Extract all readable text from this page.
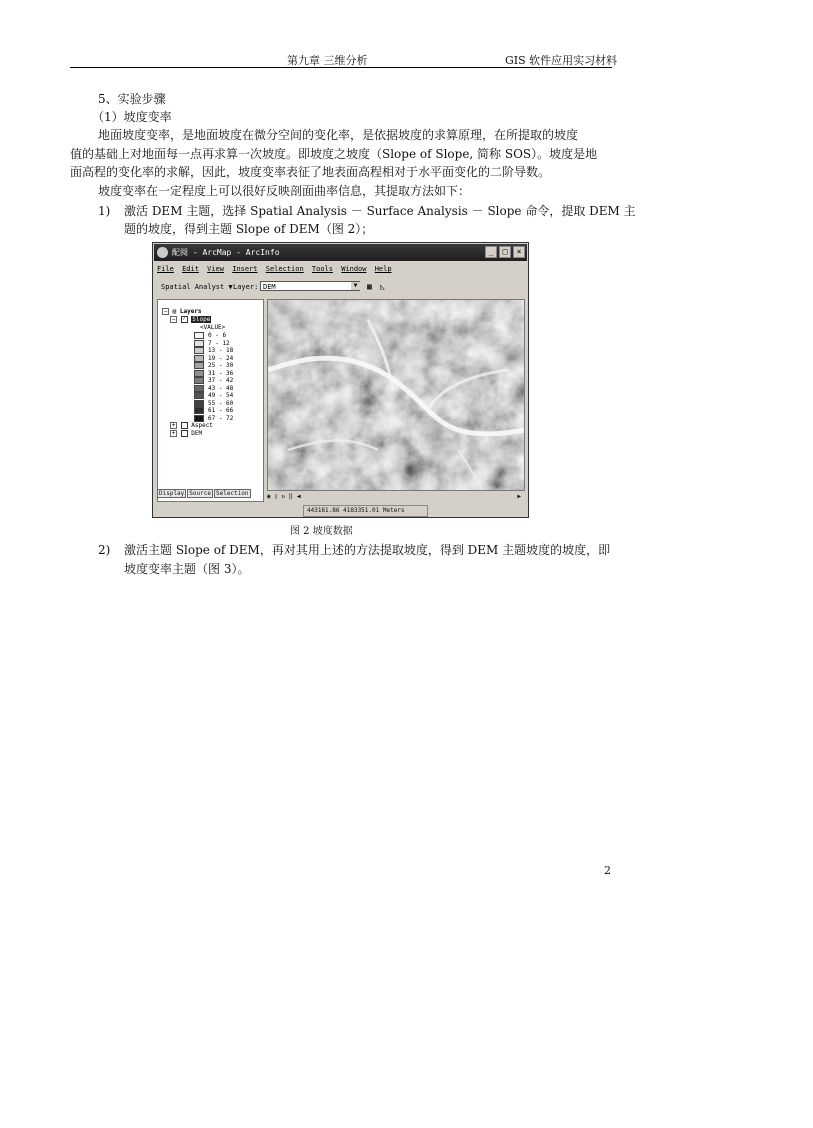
第九章 三维分析	GIS 软件应用实习材料
5、实验步骤
（1）坡度变率
地面坡度变率，是地面坡度在微分空间的变化率，是依据坡度的求算原理，在所提取的坡度
值的基础上对地面每一点再求算一次坡度。即坡度之坡度（Slope of Slope, 简称 SOS）。坡度是地
面高程的变化率的求解，因此，坡度变率表征了地表面高程相对于水平面变化的二阶导数。
坡度变率在一定程度上可以很好反映剖面曲率信息，其提取方法如下：
1) 激活 DEM 主题，选择 Spatial Analysis － Surface Analysis － Slope 命令，提取 DEM 主
题的坡度，得到主题 Slope of DEM（图 2）；
配阅 - ArcMap - ArcInfo	_	□	×
File Edit View Insert Selection Tools Window Help
Spatial Analyst ▼ Layer: DEM	▼	▦ ◺
− ▤ Layers
− ✓ Slope
<VALUE>
0 - 6
7 - 12
13 - 18
19 - 24
25 - 30
31 - 36
37 - 42
43 - 48
49 - 54
55 - 60
61 - 66
67 - 72
+	Aspect
+	DEM
Display Source Selection	◉ ▯ ↻ ‖ ◀	▶
443161.86 4183351.01 Meters
图 2 坡度数据
2) 激活主题 Slope of DEM，再对其用上述的方法提取坡度，得到 DEM 主题坡度的坡度，即
坡度变率主题（图 3）。
2
